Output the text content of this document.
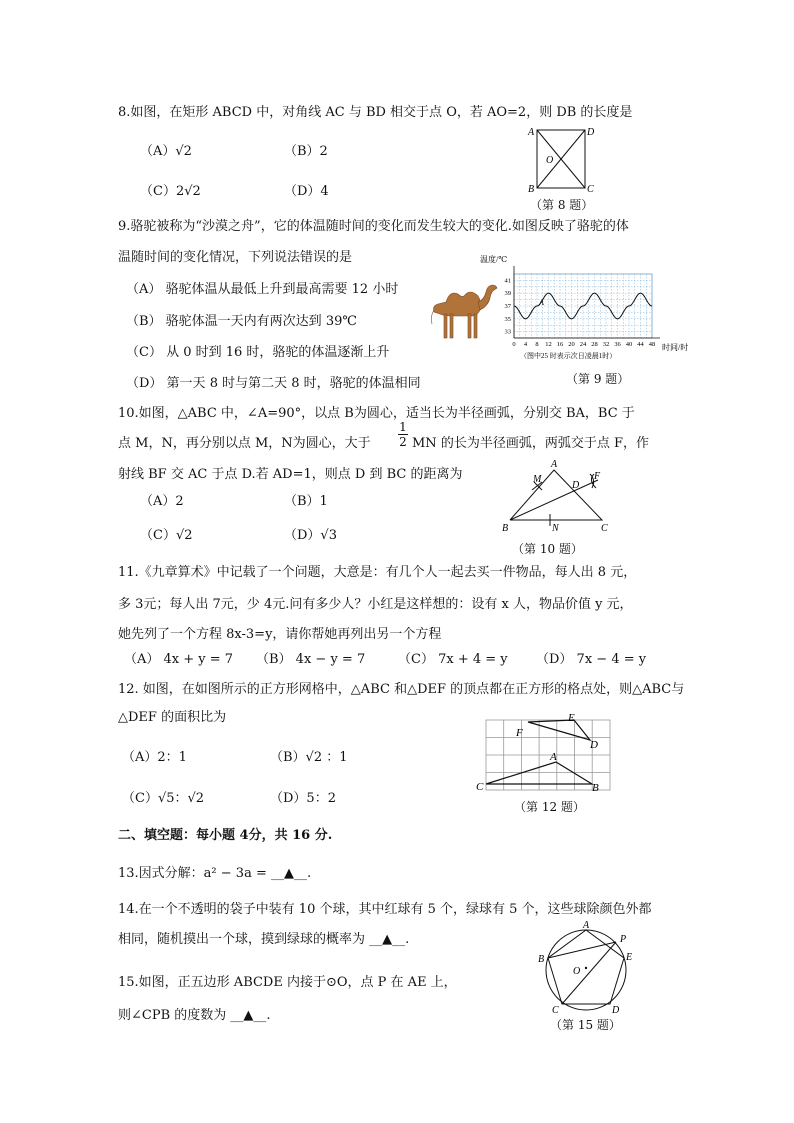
8.如图，在矩形 ABCD 中，对角线 AC 与 BD 相交于点 O，若 AO=2，则 DB 的长度是
（A）√2	（B）2
（C）2√2	（D）4
A	D
B	C
O
（第 8 题）
9.骆驼被称为“沙漠之舟”，它的体温随时间的变化而发生较大的变化.如图反映了骆驼的体
温随时间的变化情况，下列说法错误的是
（A） 骆驼体温从最低上升到最高需要 12 小时
（B） 骆驼体温一天内有两次达到 39℃
（C） 从 0 时到 16 时，骆驼的体温逐渐上升
（D） 第一天 8 时与第二天 8 时，骆驼的体温相同
温度/℃
时间/时
（图中25 时表示次日凌晨1时）
0 4 8 12 16 20 24 28 32 36 40 44 48
33
35
37
39
41
A
（第 9 题）
10.如图，△ABC 中，∠A=90°，以点 B为圆心，适当长为半径画弧，分别交 BA，BC 于
点 M，N，再分别以点 M，N为圆心，大于 $\frac{1}{2}$ MN 的长为半径画弧，两弧交于点 F，作
射线 BF 交 AC 于点 D.若 AD=1，则点 D 到 BC 的距离为
（A）2	（B）1
（C）√2	（D）√3
A
M
D
F
B	N	C
（第 10 题）
11.《九章算术》中记载了一个问题，大意是：有几个人一起去买一件物品，每人出 8 元，
多 3元；每人出 7元，少 4元.问有多少人？小红是这样想的：设有 x 人，物品价值 y 元，
她先列了一个方程 8x-3=y，请你帮她再列出另一个方程
（A） 4x + y = 7 （B） 4x − y = 7	（C） 7x + 4 = y （D） 7x − 4 = y
12. 如图，在如图所示的正方形网格中，△ABC 和△DEF 的顶点都在正方形的格点处，则△ABC与
△DEF 的面积比为
（A）2：1	（B）√2 ：1
（C）√5：√2	（D）5：2
C
A
B
F
E
D
（第 12 题）
二、填空题：每小题 4分，共 16 分.
13.因式分解：a² − 3a = __▲__.
14.在一个不透明的袋子中装有 10 个球，其中红球有 5 个，绿球有 5 个，这些球除颜色外都
相同，随机摸出一个球，摸到绿球的概率为 __▲__.
15.如图，正五边形 ABCDE 内接于⊙O，点 P 在 AE 上，
则∠CPB 的度数为 __▲__.
A
P
E
B
O
C	D
（第 15 题）
